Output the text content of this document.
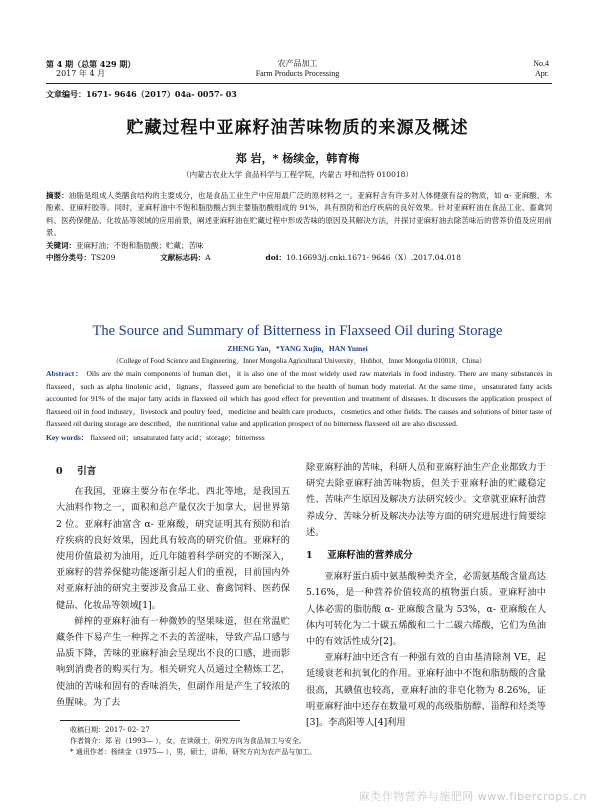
第 4 期（总第 429 期）
2017 年 4 月
农产品加工
Farm Products Processing
No.4
Apr.
文章编号：1671- 9646（2017）04a- 0057- 03
贮藏过程中亚麻籽油苦味物质的来源及概述
郑 岩，* 杨续金，韩育梅
（内蒙古农业大学 食品科学与工程学院，内蒙古 呼和浩特 010018）

摘要：油脂是组成人类膳食结构的主要成分，也是食品工业生产中应用最广泛的原材料之一。亚麻籽含有许多对人体健康有益的物质，如 α- 亚麻酸、木酚素、亚麻籽胶等。同时，亚麻籽油中不饱和脂肪酸占到主要脂肪酸组成的 91%，具有预防和治疗疾病的良好效果。针对亚麻籽油在食品工业、畜禽饲料、医药保健品、化妆品等领域的应用前景，阐述亚麻籽油在贮藏过程中形成苦味的原因及其解决方法，并探讨亚麻籽油去除苦味后的营养价值及应用前景。

关键词：亚麻籽油；不饱和脂肪酸；贮藏；苦味

中图分类号：TS209	文献标志码：A	doi：10.16693/j.cnki.1671- 9646（X）.2017.04.018

The Source and Summary of Bitterness in Flaxseed Oil during Storage
ZHENG Yan，*YANG Xujin，HAN Yumei
（College of Food Science and Engineering，Inner Mongolia Agricultural University，Huhhot，Inner Mongolia 010018，China）
Abstract： Oils are the main components of human diet，it is also one of the most widely used raw materials in food industry. There are many substances in flaxseed，such as alpha linolenic acid，lignans，flaxseed gum are beneficial to the health of human body material. At the same time，unsaturated fatty acids accounted for 91% of the major fatty acids in flaxseed oil which has good effect for prevention and treatment of diseases. It discusses the application prospect of flaxseed oil in food industry，livestock and poultry feed，medicine and health care products，cosmetics and other fields. The causes and solutions of bitter taste of flaxseed oil during storage are described，the nutritional value and application prospect of no bitterness flaxseed oil are also discussed.
Key words： flaxseed oil；unsaturated fatty acid；storage；bitterness
0 引言

在我国，亚麻主要分布在华北、西北等地，是我国五大油料作物之一，面积和总产量仅次于加拿大，居世界第 2 位。亚麻籽油富含 α- 亚麻酸，研究证明其有预防和治疗疾病的良好效果，因此具有较高的研究价值。亚麻籽的使用价值最初为油用，近几年随着科学研究的不断深入，亚麻籽的营养保健功能逐渐引起人们的重视，目前国内外对亚麻籽油的研究主要涉及食品工业、畜禽饲料、医药保健品、化妆品等领域[1]。

鲜榨的亚麻籽油有一种微妙的坚果味道，但在常温贮藏条件下易产生一种挥之不去的苦涩味，导致产品口感与品质下降，苦味的亚麻籽油会呈现出不良的口感，进而影响到消费者的购买行为。相关研究人员通过全精炼工艺，使油的苦味和固有的香味消失，但副作用是产生了较浓的鱼腥味。为了去

除亚麻籽油的苦味，科研人员和亚麻籽油生产企业都致力于研究去除亚麻籽油苦味物质，但关于亚麻籽油的贮藏稳定性、苦味产生原因及解决方法研究较少。文章就亚麻籽油营养成分、苦味分析及解决办法等方面的研究进展进行简要综述。
1 亚麻籽油的营养成分

亚麻籽蛋白质中氨基酸种类齐全，必需氨基酸含量高达 5.16%，是一种营养价值较高的植物蛋白质。亚麻籽油中人体必需的脂肪酸 α- 亚麻酸含量为 53%，α- 亚麻酸在人体内可转化为二十碳五烯酸和二十二碳六烯酸，它们为鱼油中的有效活性成分[2]。

亚麻籽油中还含有一种强有效的自由基清除剂 VE，起延缓衰老和抗氧化的作用。亚麻籽油中不饱和脂肪酸的含量很高，其碘值也较高，亚麻籽油的非皂化物为 8.26%，证明亚麻籽油中还存在数量可观的高级脂肪醇、甾醇和烃类等[3]。李高阳等人[4]利用

收稿日期：2017- 02- 27
作者简介：郑 岩（1993— ），女，在读硕士，研究方向为食品加工与安全。
* 通讯作者：杨续金（1975— ），男，硕士，讲师，研究方向为农产品与加工。
麻类作物营养与施肥网 www.fibercrops.cn
